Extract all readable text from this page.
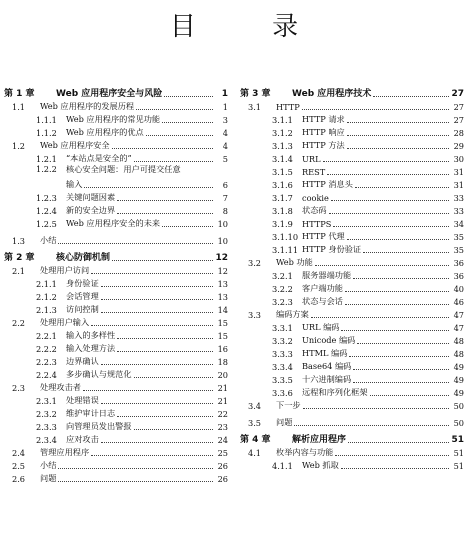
目 录
第 1 章	Web 应用程序安全与风险	1
1.1	Web 应用程序的发展历程	1
1.1.1	Web 应用程序的常见功能	3
1.1.2	Web 应用程序的优点	4
1.2	Web 应用程序安全	4
1.2.1	“本站点是安全的”	5
1.2.2	核心安全问题：用户可提交任意
输入	6
1.2.3	关键问题因素	7
1.2.4	新的安全边界	8
1.2.5	Web 应用程序安全的未来	10
1.3	小结	10
第 2 章	核心防御机制	12
2.1	处理用户访问	12
2.1.1	身份验证	13
2.1.2	会话管理	13
2.1.3	访问控制	14
2.2	处理用户输入	15
2.2.1	输入的多样性	15
2.2.2	输入处理方法	16
2.2.3	边界确认	18
2.2.4	多步确认与规范化	20
2.3	处理攻击者	21
2.3.1	处理错误	21
2.3.2	维护审计日志	22
2.3.3	向管理员发出警报	23
2.3.4	应对攻击	24
2.4	管理应用程序	25
2.5	小结	26
2.6	问题	26
第 3 章	Web 应用程序技术	27
3.1	HTTP	27
3.1.1	HTTP 请求	27
3.1.2	HTTP 响应	28
3.1.3	HTTP 方法	29
3.1.4	URL	30
3.1.5	REST	31
3.1.6	HTTP 消息头	31
3.1.7	cookie	33
3.1.8	状态码	33
3.1.9	HTTPS	34
3.1.10 HTTP 代理	35
3.1.11 HTTP 身份验证	35
3.2	Web 功能	36
3.2.1	服务器端功能	36
3.2.2	客户端功能	40
3.2.3	状态与会话	46
3.3	编码方案	47
3.3.1	URL 编码	47
3.3.2	Unicode 编码	48
3.3.3	HTML 编码	48
3.3.4	Base64 编码	49
3.3.5	十六进制编码	49
3.3.6	远程和序列化框架	49
3.4	下一步	50
3.5	问题	50
第 4 章	解析应用程序	51
4.1	枚举内容与功能	51
4.1.1	Web 抓取	51
